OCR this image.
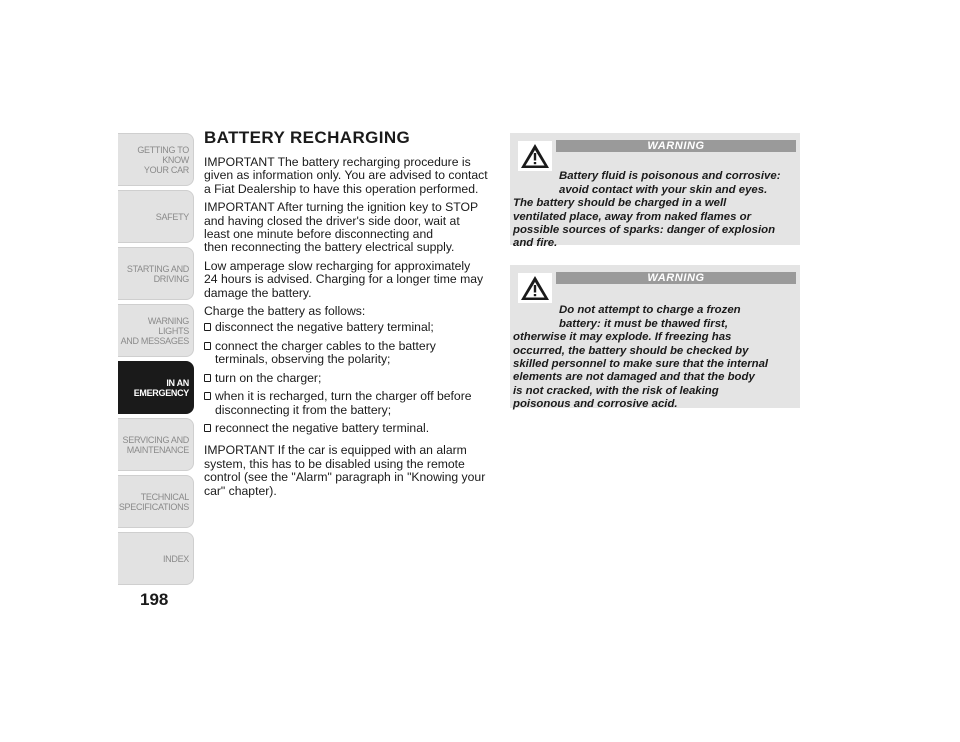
GETTING TO KNOW
YOUR CAR
SAFETY
STARTING AND
DRIVING
WARNING LIGHTS
AND MESSAGES
IN AN
EMERGENCY
SERVICING AND
MAINTENANCE
TECHNICAL
SPECIFICATIONS
INDEX
198
BATTERY RECHARGING

IMPORTANT The battery recharging procedure is
given as information only. You are advised to contact
a Fiat Dealership to have this operation performed.

IMPORTANT After turning the ignition key to STOP
and having closed the driver's side door, wait at
least one minute before disconnecting and
then reconnecting the battery electrical supply.

Low amperage slow recharging for approximately
24 hours is advised. Charging for a longer time may
damage the battery.

Charge the battery as follows:

disconnect the negative battery terminal;
connect the charger cables to the battery
terminals, observing the polarity;
turn on the charger;
when it is recharged, turn the charger off before
disconnecting it from the battery;
reconnect the negative battery terminal.

IMPORTANT If the car is equipped with an alarm
system, this has to be disabled using the remote
control (see the "Alarm" paragraph in "Knowing your
car" chapter).

WARNING

Battery fluid is poisonous and corrosive:
avoid contact with your skin and eyes.
The battery should be charged in a well
ventilated place, away from naked flames or
possible sources of sparks: danger of explosion
and fire.

WARNING

Do not attempt to charge a frozen
battery: it must be thawed first,
otherwise it may explode. If freezing has
occurred, the battery should be checked by
skilled personnel to make sure that the internal
elements are not damaged and that the body
is not cracked, with the risk of leaking
poisonous and corrosive acid.
